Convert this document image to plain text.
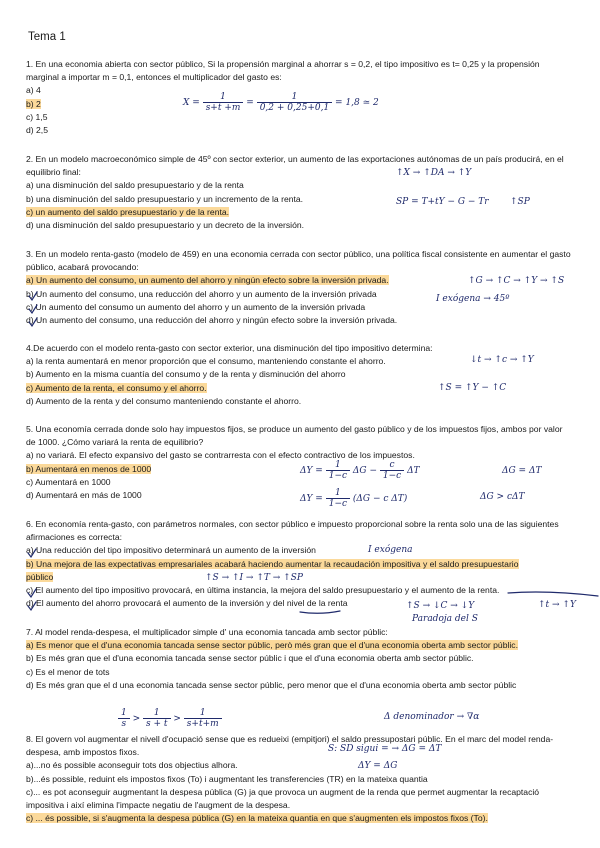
Tema 1
1. En una economia abierta con sector público, Si la propensión marginal a ahorrar s = 0,2, el tipo impositivo es t= 0,25 y la propensión marginal a importar m = 0,1, entonces el multiplicador del gasto es:
a) 4
b) 2
c) 1,5
d) 2,5
2. En un modelo macroeconómico simple de 45º con sector exterior, un aumento de las exportaciones autónomas de un país producirá, en el equilibrio final:
a) una disminución del saldo presupuestario y de la renta
b) una disminución del saldo presupuestario y un incremento de la renta.
c) un aumento del saldo presupuestario y de la renta.
d) una disminución del saldo presupuestario y un decreto de la inversión.
3. En un modelo renta-gasto (modelo de 459) en una economia cerrada con sector público, una política fiscal consistente en aumentar el gasto público, acabará provocando:
a) Un aumento del consumo, un aumento del ahorro y ningún efecto sobre la inversión privada.
b) Un aumento del consumo, una reducción del ahorro y un aumento de la inversión privada
c) Un aumento del consumo un aumento del ahorro y un aumento de la inversión privada
d) Un aumento del consumo, una reducción del ahorro y ningún efecto sobre la inversión privada.
4.De acuerdo con el modelo renta-gasto con sector exterior, una disminución del tipo impositivo determina:
a) la renta aumentará en menor proporción que el consumo, manteniendo constante el ahorro.
b) Aumento en la misma cuantía del consumo y de la renta y disminución del ahorro
c) Aumento de la renta, el consumo y el ahorro.
d) Aumento de la renta y del consumo manteniendo constante el ahorro.
5. Una economía cerrada donde solo hay impuestos fijos, se produce un aumento del gasto público y de los impuestos fijos, ambos por valor de 1000. ¿Cómo variará la renta de equilibrio?
a) no variará. El efecto expansivo del gasto se contrarresta con el efecto contractivo de los impuestos.
b) Aumentará en menos de 1000
c) Aumentará en 1000
d) Aumentará en más de 1000
6. En economía renta-gasto, con parámetros normales, con sector público e impuesto proporcional sobre la renta solo una de las siguientes afirmaciones es correcta:
a) Una reducción del tipo impositivo determinará un aumento de la inversión
b) Una mejora de las expectativas empresariales acabará haciendo aumentar la recaudación impositiva y el saldo presupuestario público
c) El aumento del tipo impositivo provocará, en última instancia, la mejora del saldo presupuestario y el aumento de la renta.
d) El aumento del ahorro provocará el aumento de la inversión y del nivel de la renta
7. Al model renda-despesa, el multiplicador simple d' una economia tancada amb sector públic:
a) Es menor que el d'una economia tancada sense sector públic, però més gran que el d'una economia oberta amb sector públic.
b) Es més gran que el d'una economia tancada sense sector públic i que el d'una economia oberta amb sector públic.
c) Es el menor de tots
d) Es més gran que el d una economia tancada sense sector públic, pero menor que el d'una economia oberta amb sector públic
8. El govern vol augmentar el nivell d'ocupació sense que es redueixi (empitjori) el saldo pressupostari públic. En el marc del model renda-despesa, amb impostos fixos.
a)...no és possible aconseguir tots dos objectius alhora.
b)...és possible, reduint els impostos fixos (To) i augmentant les transferencies (TR) en la mateixa quantia
c)... es pot aconseguir augmentant la despesa pública (G) ja que provoca un augment de la renda que permet augmentar la recaptació impositiva i així elimina l'impacte negatiu de l'augment de la despesa.
c) ... és possible, si s'augmenta la despesa pública (G) en la mateixa quantia en que s'augmenten els impostos fixos (To).
$X = \frac{1}{s+t +m} = \frac{1}{0,2 + 0,25+0,1} = 1,8$ ≃ 2
↑X → ↑DA → ↑Y
SP = T+tY − G − Tr ↑SP
↑G → ↑C → ↑Y → ↑S
I exógena → 45º
↓t → ↑c → ↑Y
↑S = ↑Y − ↑C
$\Delta Y = \frac{1}{1-c}$ $\Delta G - \frac{c}{1-c}$ ΔT	ΔG = ΔT
$\Delta Y = \frac{1}{1-c} (\Delta G - c$ ΔT)	ΔG > cΔT
I exógena
↑S → ↑I → ↑T → ↑SP
↑t → ↑Y
↑S → ↓C → ↓Y
Paradoja del S
$\frac{1}{s} > \frac{1}{s + t} > \frac{1}{s+t+m}$	Δ denominador → ∇α
S: SD sigui = → ΔG = ΔT
ΔY = ΔG
